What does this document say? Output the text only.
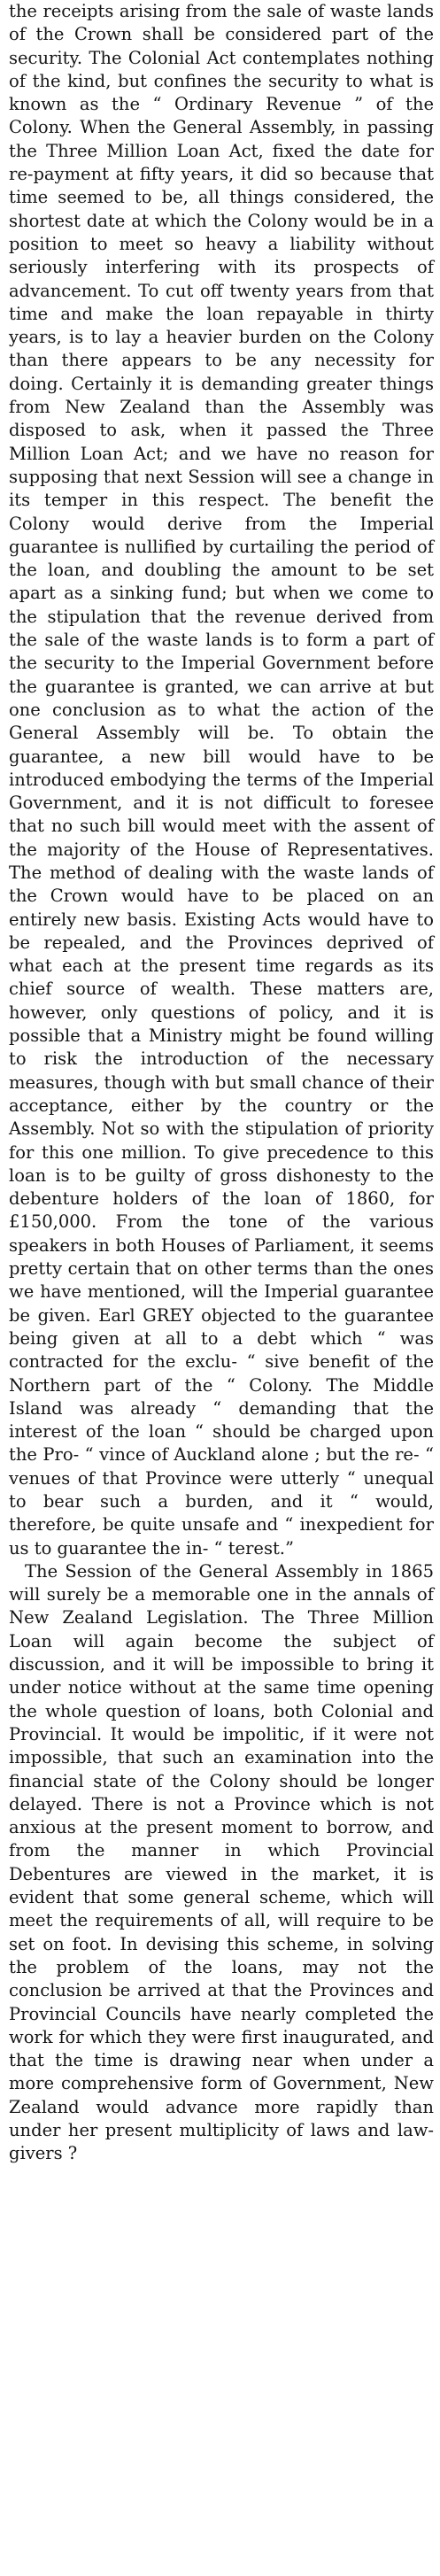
the receipts arising from the sale of waste lands of the Crown shall be considered part of the security. The Colonial Act contemplates nothing of the kind, but confines the security to what is known as the “ Ordinary Revenue ” of the Colony. When the General Assembly, in passing the Three Million Loan Act, fixed the date for re-payment at fifty years, it did so because that time seemed to be, all things considered, the shortest date at which the Colony would be in a position to meet so heavy a liability without seriously interfering with its prospects of advancement. To cut off twenty years from that time and make the loan repayable in thirty years, is to lay a heavier burden on the Colony than there appears to be any necessity for doing. Certainly it is demanding greater things from New Zealand than the Assembly was disposed to ask, when it passed the Three Million Loan Act; and we have no reason for supposing that next Session will see a change in its temper in this respect. The benefit the Colony would derive from the Imperial guarantee is nullified by curtailing the period of the loan, and doubling the amount to be set apart as a sinking fund; but when we come to the stipulation that the revenue derived from the sale of the waste lands is to form a part of the security to the Imperial Government before the guarantee is granted, we can arrive at but one conclusion as to what the action of the General Assembly will be. To obtain the guarantee, a new bill would have to be introduced embodying the terms of the Imperial Government, and it is not difficult to foresee that no such bill would meet with the assent of the majority of the House of Representatives. The method of dealing with the waste lands of the Crown would have to be placed on an entirely new basis. Existing Acts would have to be repealed, and the Provinces deprived of what each at the present time regards as its chief source of wealth. These matters are, however, only questions of policy, and it is possible that a Ministry might be found willing to risk the introduction of the necessary measures, though with but small chance of their acceptance, either by the country or the Assembly. Not so with the stipulation of priority for this one million. To give precedence to this loan is to be guilty of gross dishonesty to the debenture holders of the loan of 1860, for £150,000. From the tone of the various speakers in both Houses of Parliament, it seems pretty certain that on other terms than the ones we have mentioned, will the Imperial guarantee be given. Earl GREY objected to the guarantee being given at all to a debt which “ was contracted for the exclu- “ sive benefit of the Northern part of the “ Colony. The Middle Island was already “ demanding that the interest of the loan “ should be charged upon the Pro- “ vince of Auckland alone ; but the re- “ venues of that Province were utterly “ unequal to bear such a burden, and it “ would, therefore, be quite unsafe and “ inexpedient for us to guarantee the in- “ terest.”

The Session of the General Assembly in 1865 will surely be a memorable one in the annals of New Zealand Legislation. The Three Million Loan will again become the subject of discussion, and it will be impossible to bring it under notice without at the same time opening the whole question of loans, both Colonial and Provincial. It would be impolitic, if it were not impossible, that such an examination into the financial state of the Colony should be longer delayed. There is not a Province which is not anxious at the present moment to borrow, and from the manner in which Provincial Debentures are viewed in the market, it is evident that some general scheme, which will meet the requirements of all, will require to be set on foot. In devising this scheme, in solving the problem of the loans, may not the conclusion be arrived at that the Provinces and Provincial Councils have nearly completed the work for which they were first inaugurated, and that the time is drawing near when under a more comprehensive form of Government, New Zealand would advance more rapidly than under her present multiplicity of laws and law-givers ?
